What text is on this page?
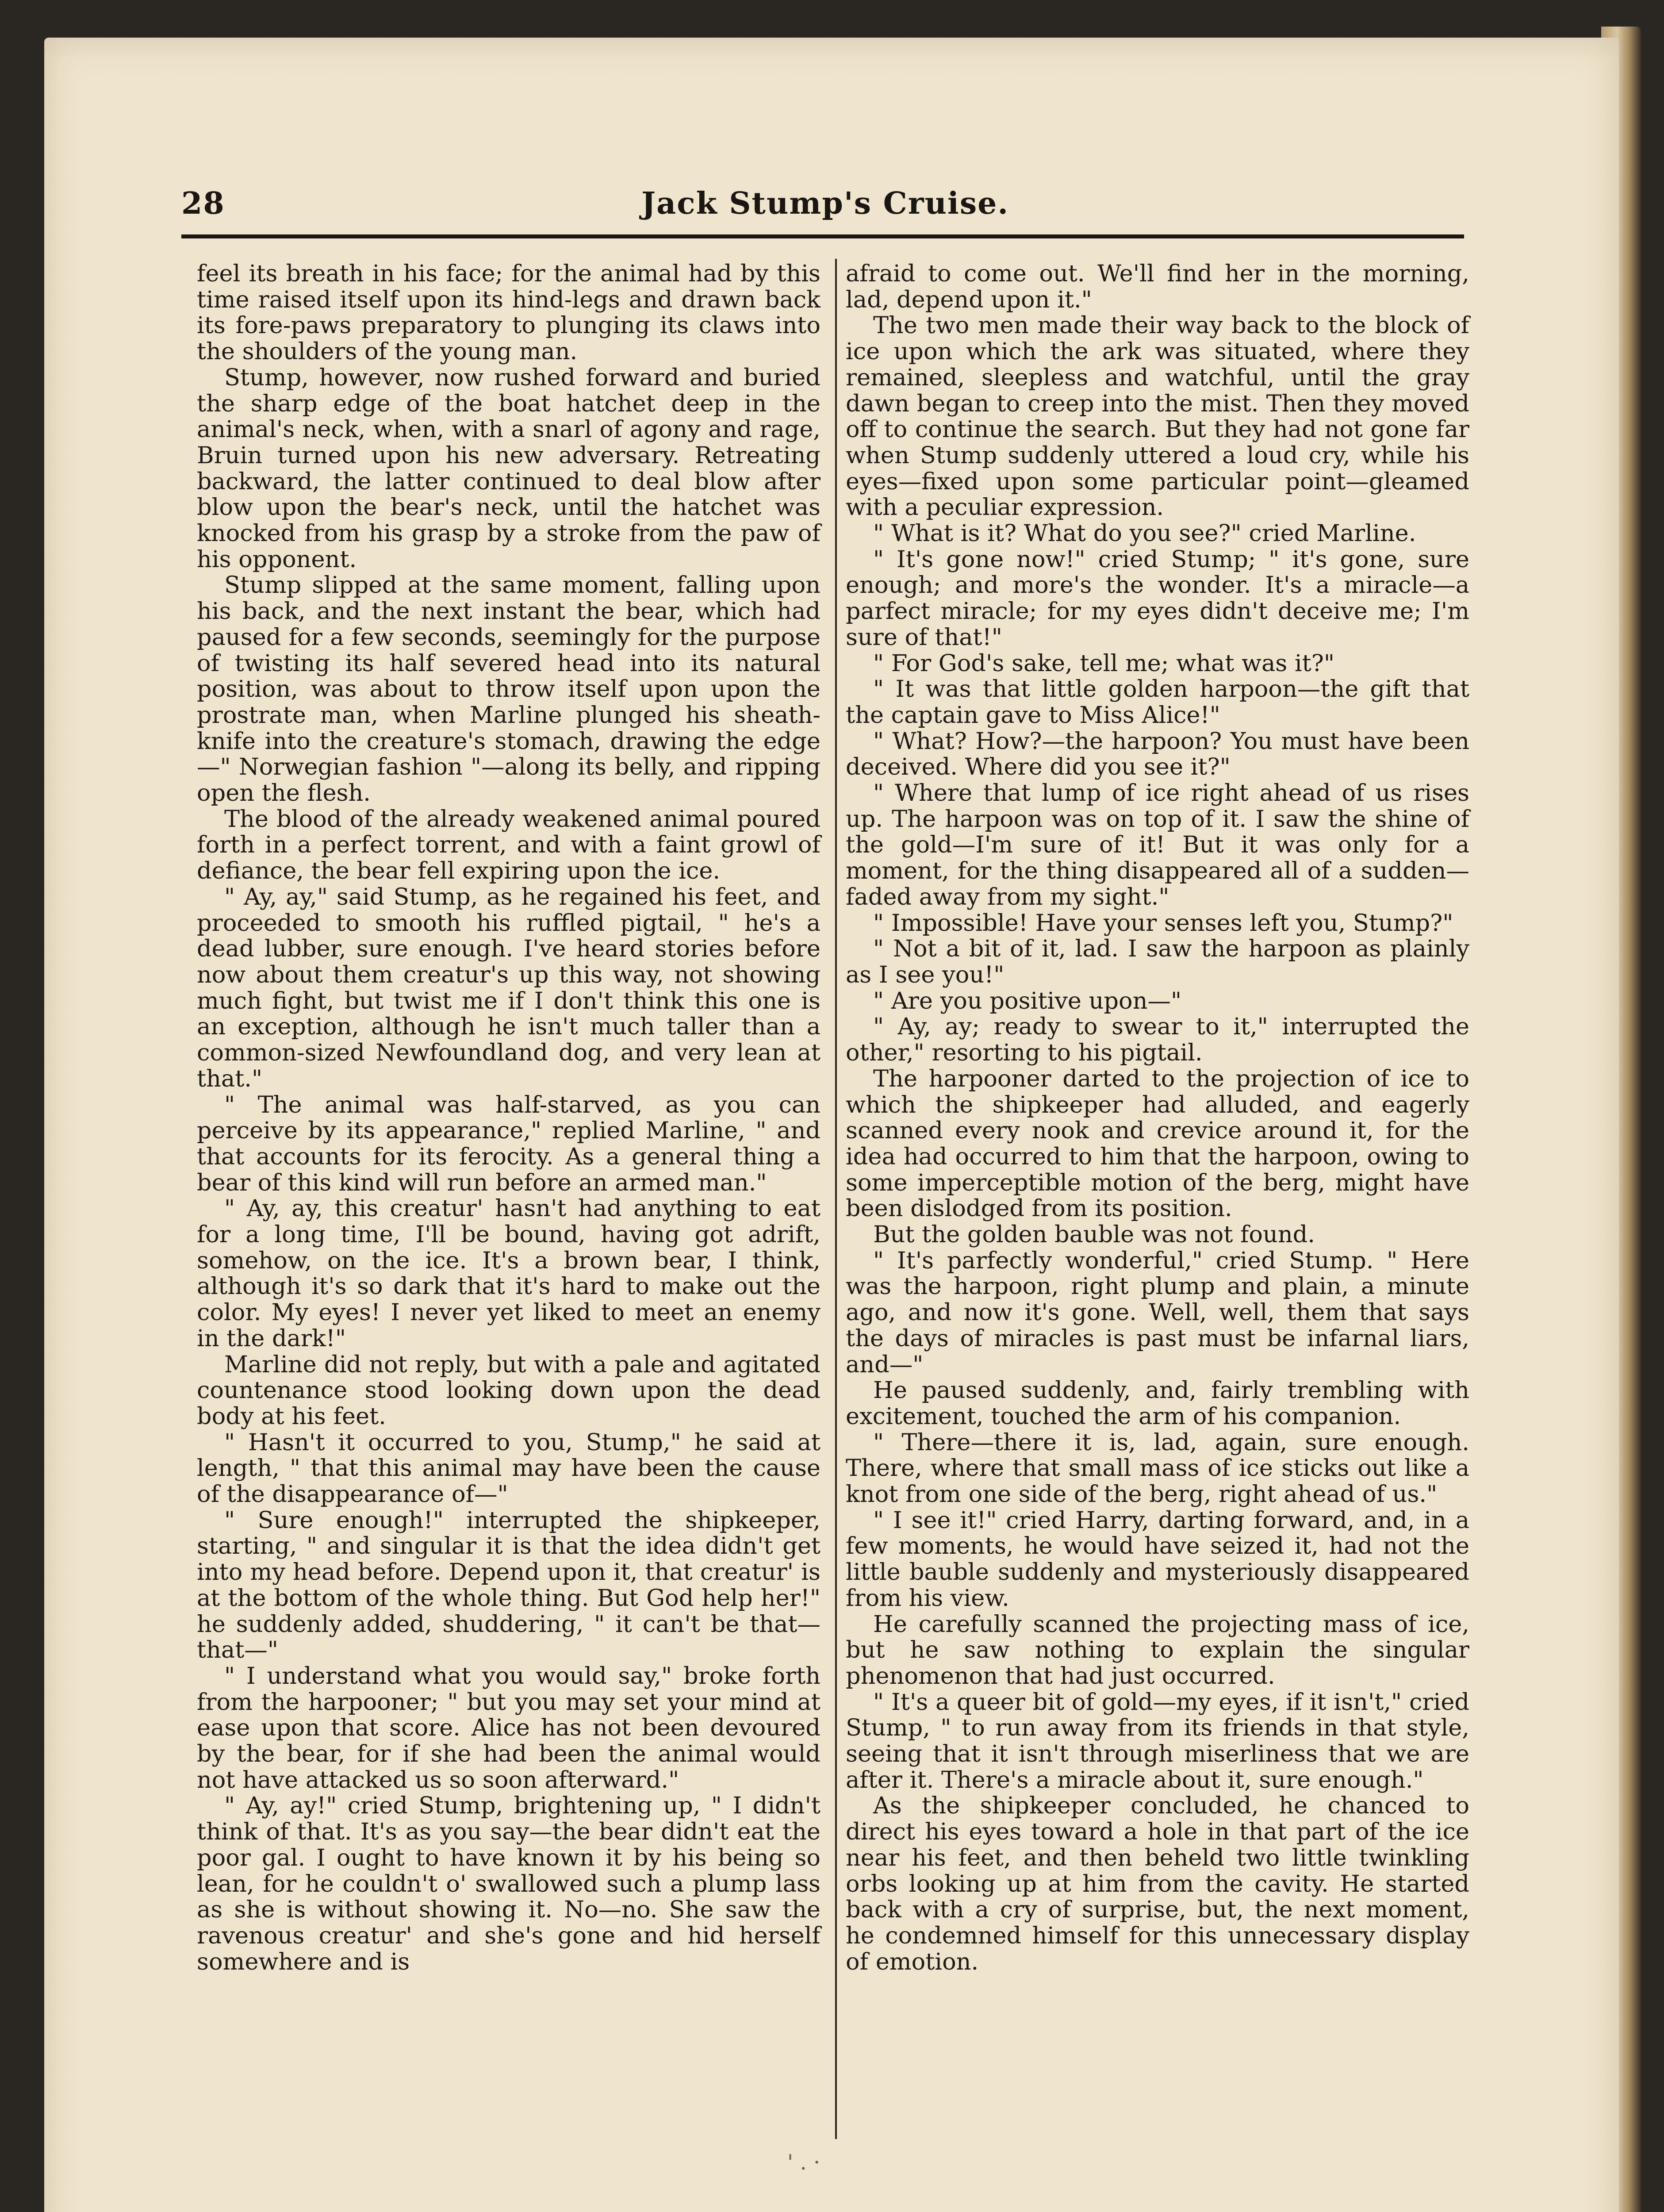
28	Jack Stump's Cruise.

feel its breath in his face; for the animal had by this time raised itself upon its hind-legs and drawn back its fore-paws preparatory to plunging its claws into the shoulders of the young man.

Stump, however, now rushed forward and buried the sharp edge of the boat hatchet deep in the animal's neck, when, with a snarl of agony and rage, Bruin turned upon his new adversary. Retreating backward, the latter continued to deal blow after blow upon the bear's neck, until the hatchet was knocked from his grasp by a stroke from the paw of his opponent.

Stump slipped at the same moment, falling upon his back, and the next instant the bear, which had paused for a few seconds, seemingly for the purpose of twisting its half severed head into its natural position, was about to throw itself upon upon the prostrate man, when Marline plunged his sheath-knife into the creature's stomach, drawing the edge—" Norwegian fashion "—along its belly, and ripping open the flesh.

The blood of the already weakened animal poured forth in a perfect torrent, and with a faint growl of defiance, the bear fell expiring upon the ice.

" Ay, ay," said Stump, as he regained his feet, and proceeded to smooth his ruffled pigtail, " he's a dead lubber, sure enough. I've heard stories before now about them creatur's up this way, not showing much fight, but twist me if I don't think this one is an exception, although he isn't much taller than a common-sized Newfoundland dog, and very lean at that."

" The animal was half-starved, as you can perceive by its appearance," replied Marline, " and that accounts for its ferocity. As a general thing a bear of this kind will run before an armed man."

" Ay, ay, this creatur' hasn't had anything to eat for a long time, I'll be bound, having got adrift, somehow, on the ice. It's a brown bear, I think, although it's so dark that it's hard to make out the color. My eyes! I never yet liked to meet an enemy in the dark!"

Marline did not reply, but with a pale and agitated countenance stood looking down upon the dead body at his feet.

" Hasn't it occurred to you, Stump," he said at length, " that this animal may have been the cause of the disappearance of—"

" Sure enough!" interrupted the shipkeeper, starting, " and singular it is that the idea didn't get into my head before. Depend upon it, that creatur' is at the bottom of the whole thing. But God help her!" he suddenly added, shuddering, " it can't be that—that—"

" I understand what you would say," broke forth from the harpooner; " but you may set your mind at ease upon that score. Alice has not been devoured by the bear, for if she had been the animal would not have attacked us so soon afterward."

" Ay, ay!" cried Stump, brightening up, " I didn't think of that. It's as you say—the bear didn't eat the poor gal. I ought to have known it by his being so lean, for he couldn't o' swallowed such a plump lass as she is without showing it. No—no. She saw the ravenous creatur' and she's gone and hid herself somewhere and is

afraid to come out. We'll find her in the morning, lad, depend upon it."

The two men made their way back to the block of ice upon which the ark was situated, where they remained, sleepless and watchful, until the gray dawn began to creep into the mist. Then they moved off to continue the search. But they had not gone far when Stump suddenly uttered a loud cry, while his eyes—fixed upon some particular point—gleamed with a peculiar expression.

" What is it? What do you see?" cried Marline.

" It's gone now!" cried Stump; " it's gone, sure enough; and more's the wonder. It's a miracle—a parfect miracle; for my eyes didn't deceive me; I'm sure of that!"

" For God's sake, tell me; what was it?"

" It was that little golden harpoon—the gift that the captain gave to Miss Alice!"

" What? How?—the harpoon? You must have been deceived. Where did you see it?"

" Where that lump of ice right ahead of us rises up. The harpoon was on top of it. I saw the shine of the gold—I'm sure of it! But it was only for a moment, for the thing disappeared all of a sudden—faded away from my sight."

" Impossible! Have your senses left you, Stump?"

" Not a bit of it, lad. I saw the harpoon as plainly as I see you!"

" Are you positive upon—"

" Ay, ay; ready to swear to it," interrupted the other," resorting to his pigtail.

The harpooner darted to the projection of ice to which the shipkeeper had alluded, and eagerly scanned every nook and crevice around it, for the idea had occurred to him that the harpoon, owing to some imperceptible motion of the berg, might have been dislodged from its position.

But the golden bauble was not found.

" It's parfectly wonderful," cried Stump. " Here was the harpoon, right plump and plain, a minute ago, and now it's gone. Well, well, them that says the days of miracles is past must be infarnal liars, and—"

He paused suddenly, and, fairly trembling with excitement, touched the arm of his companion.

" There—there it is, lad, again, sure enough. There, where that small mass of ice sticks out like a knot from one side of the berg, right ahead of us."

" I see it!" cried Harry, darting forward, and, in a few moments, he would have seized it, had not the little bauble suddenly and mysteriously disappeared from his view.

He carefully scanned the projecting mass of ice, but he saw nothing to explain the singular phenomenon that had just occurred.

" It's a queer bit of gold—my eyes, if it isn't," cried Stump, " to run away from its friends in that style, seeing that it isn't through miserliness that we are after it. There's a miracle about it, sure enough."

As the shipkeeper concluded, he chanced to direct his eyes toward a hole in that part of the ice near his feet, and then beheld two little twinkling orbs looking up at him from the cavity. He started back with a cry of surprise, but, the next moment, he condemned himself for this unnecessary display of emotion.

' . ·
